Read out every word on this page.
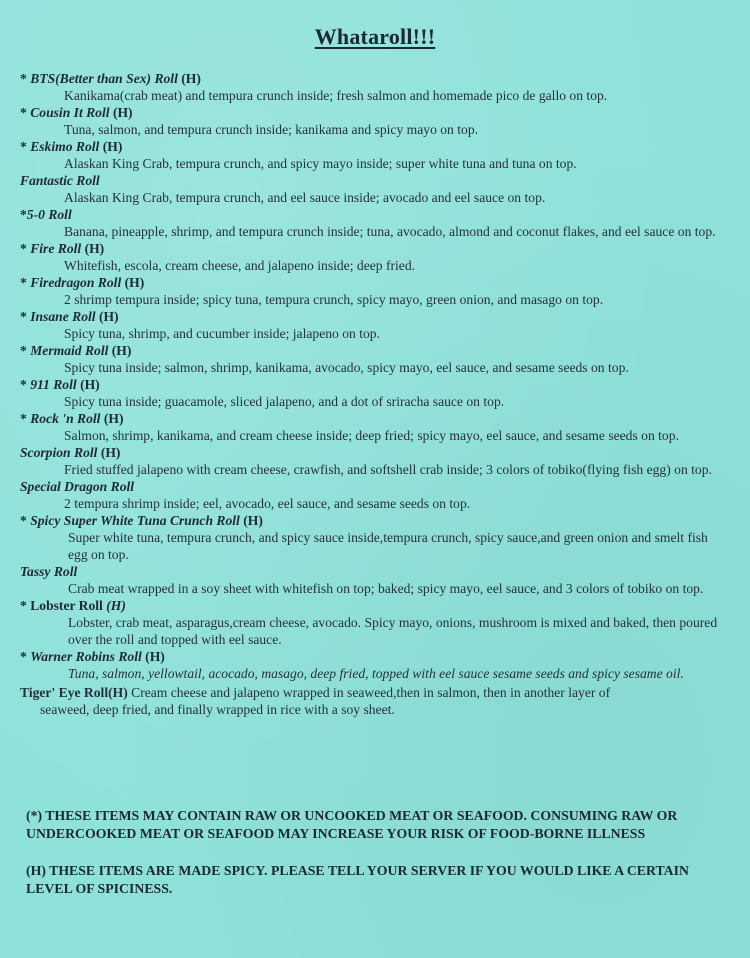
Whataroll!!!
* BTS(Better than Sex) Roll (H)
Kanikama(crab meat) and tempura crunch inside; fresh salmon and homemade pico de gallo on top.
* Cousin It Roll (H)
Tuna, salmon, and tempura crunch inside; kanikama and spicy mayo on top.
* Eskimo Roll (H)
Alaskan King Crab, tempura crunch, and spicy mayo inside; super white tuna and tuna on top.
Fantastic Roll
Alaskan King Crab, tempura crunch, and eel sauce inside; avocado and eel sauce on top.
*5-0 Roll
Banana, pineapple, shrimp, and tempura crunch inside; tuna, avocado, almond and coconut flakes, and eel sauce on top.
* Fire Roll (H)
Whitefish, escola, cream cheese, and jalapeno inside; deep fried.
* Firedragon Roll (H)
2 shrimp tempura inside; spicy tuna, tempura crunch, spicy mayo, green onion, and masago on top.
* Insane Roll (H)
Spicy tuna, shrimp, and cucumber inside; jalapeno on top.
* Mermaid Roll (H)
Spicy tuna inside; salmon, shrimp, kanikama, avocado, spicy mayo, eel sauce, and sesame seeds on top.
* 911 Roll (H)
Spicy tuna inside; guacamole, sliced jalapeno, and a dot of sriracha sauce on top.
* Rock 'n Roll (H)
Salmon, shrimp, kanikama, and cream cheese inside; deep fried; spicy mayo, eel sauce, and sesame seeds on top.
Scorpion Roll (H)
Fried stuffed jalapeno with cream cheese, crawfish, and softshell crab inside; 3 colors of tobiko(flying fish egg) on top.
Special Dragon Roll
2 tempura shrimp inside; eel, avocado, eel sauce, and sesame seeds on top.
* Spicy Super White Tuna Crunch Roll (H)
Super white tuna, tempura crunch, and spicy sauce inside,tempura crunch, spicy sauce,and green onion and smelt fish egg on top.
Tassy Roll
Crab meat wrapped in a soy sheet with whitefish on top; baked; spicy mayo, eel sauce, and 3 colors of tobiko on top.
* Lobster Roll (H)
Lobster, crab meat, asparagus,cream cheese, avocado. Spicy mayo, onions, mushroom is mixed and baked, then poured over the roll and topped with eel sauce.
* Warner Robins Roll (H)
Tuna, salmon, yellowtail, acocado, masago, deep fried, topped with eel sauce sesame seeds and spicy sesame oil.
Tiger' Eye Roll(H) Cream cheese and jalapeno wrapped in seaweed,then in salmon, then in another layer of
seaweed, deep fried, and finally wrapped in rice with a soy sheet.
(*) THESE ITEMS MAY CONTAIN RAW OR UNCOOKED MEAT OR SEAFOOD. CONSUMING RAW OR UNDERCOOKED MEAT OR SEAFOOD MAY INCREASE YOUR RISK OF FOOD-BORNE ILLNESS
(H) THESE ITEMS ARE MADE SPICY. PLEASE TELL YOUR SERVER IF YOU WOULD LIKE A CERTAIN LEVEL OF SPICINESS.
